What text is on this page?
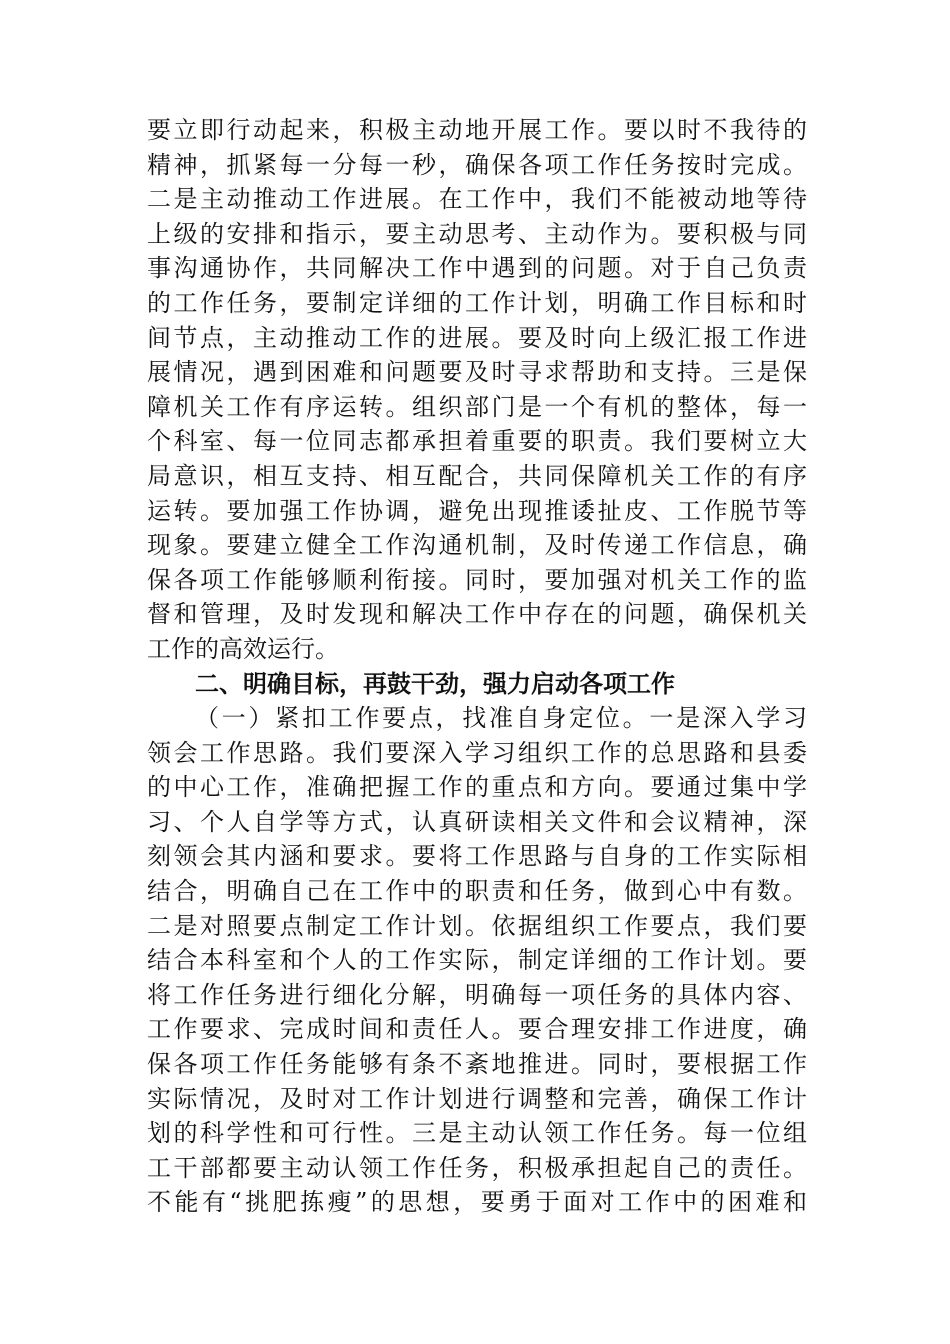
要立即行动起来，积极主动地开展工作。要以时不我待的
精神，抓紧每一分每一秒，确保各项工作任务按时完成。
二是主动推动工作进展。在工作中，我们不能被动地等待
上级的安排和指示，要主动思考、主动作为。要积极与同
事沟通协作，共同解决工作中遇到的问题。对于自己负责
的工作任务，要制定详细的工作计划，明确工作目标和时
间节点，主动推动工作的进展。要及时向上级汇报工作进
展情况，遇到困难和问题要及时寻求帮助和支持。三是保
障机关工作有序运转。组织部门是一个有机的整体，每一
个科室、每一位同志都承担着重要的职责。我们要树立大
局意识，相互支持、相互配合，共同保障机关工作的有序
运转。要加强工作协调，避免出现推诿扯皮、工作脱节等
现象。要建立健全工作沟通机制，及时传递工作信息，确
保各项工作能够顺利衔接。同时，要加强对机关工作的监
督和管理，及时发现和解决工作中存在的问题，确保机关
工作的高效运行。
二、明确目标，再鼓干劲，强力启动各项工作
（一）紧扣工作要点，找准自身定位。一是深入学习
领会工作思路。我们要深入学习组织工作的总思路和县委
的中心工作，准确把握工作的重点和方向。要通过集中学
习、个人自学等方式，认真研读相关文件和会议精神，深
刻领会其内涵和要求。要将工作思路与自身的工作实际相
结合，明确自己在工作中的职责和任务，做到心中有数。
二是对照要点制定工作计划。依据组织工作要点，我们要
结合本科室和个人的工作实际，制定详细的工作计划。要
将工作任务进行细化分解，明确每一项任务的具体内容、
工作要求、完成时间和责任人。要合理安排工作进度，确
保各项工作任务能够有条不紊地推进。同时，要根据工作
实际情况，及时对工作计划进行调整和完善，确保工作计
划的科学性和可行性。三是主动认领工作任务。每一位组
工干部都要主动认领工作任务，积极承担起自己的责任。
不能有“挑肥拣瘦”的思想，要勇于面对工作中的困难和
